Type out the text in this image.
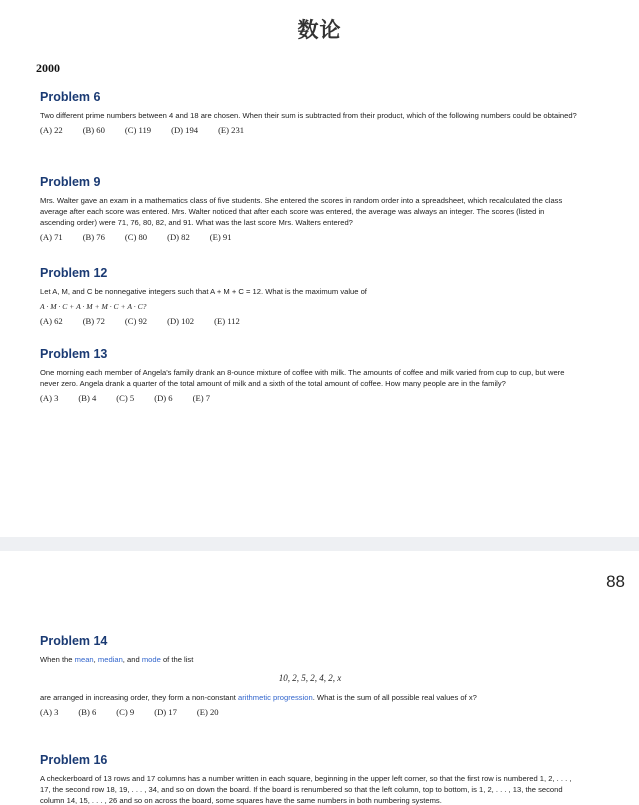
数论
2000
Problem 6

Two different prime numbers between 4 and 18 are chosen. When their sum is subtracted from their product, which of the following numbers could be obtained?

(A) 22 (B) 60 (C) 119 (D) 194 (E) 231
Problem 9

Mrs. Walter gave an exam in a mathematics class of five students. She entered the scores in random order into a spreadsheet, which recalculated the class average after each score was entered. Mrs. Walter noticed that after each score was entered, the average was always an integer. The scores (listed in ascending order) were 71, 76, 80, 82, and 91. What was the last score Mrs. Walters entered?

(A) 71 (B) 76 (C) 80 (D) 82 (E) 91
Problem 12

Let A, M, and C be nonnegative integers such that A + M + C = 12. What is the maximum value of

A · M · C + A · M + M · C + A · C?

(A) 62 (B) 72 (C) 92 (D) 102 (E) 112
Problem 13

One morning each member of Angela's family drank an 8-ounce mixture of coffee with milk. The amounts of coffee and milk varied from cup to cup, but were never zero. Angela drank a quarter of the total amount of milk and a sixth of the total amount of coffee. How many people are in the family?

(A) 3 (B) 4 (C) 5 (D) 6 (E) 7
88
Problem 14

When the mean, median, and mode of the list

10, 2, 5, 2, 4, 2, x

are arranged in increasing order, they form a non-constant arithmetic progression. What is the sum of all possible real values of x?

(A) 3 (B) 6 (C) 9 (D) 17 (E) 20
Problem 16

A checkerboard of 13 rows and 17 columns has a number written in each square, beginning in the upper left corner, so that the first row is numbered 1, 2, . . . , 17, the second row 18, 19, . . . , 34, and so on down the board. If the board is renumbered so that the left column, top to bottom, is 1, 2, . . . , 13, the second column 14, 15, . . . , 26 and so on across the board, some squares have the same numbers in both numbering systems.
